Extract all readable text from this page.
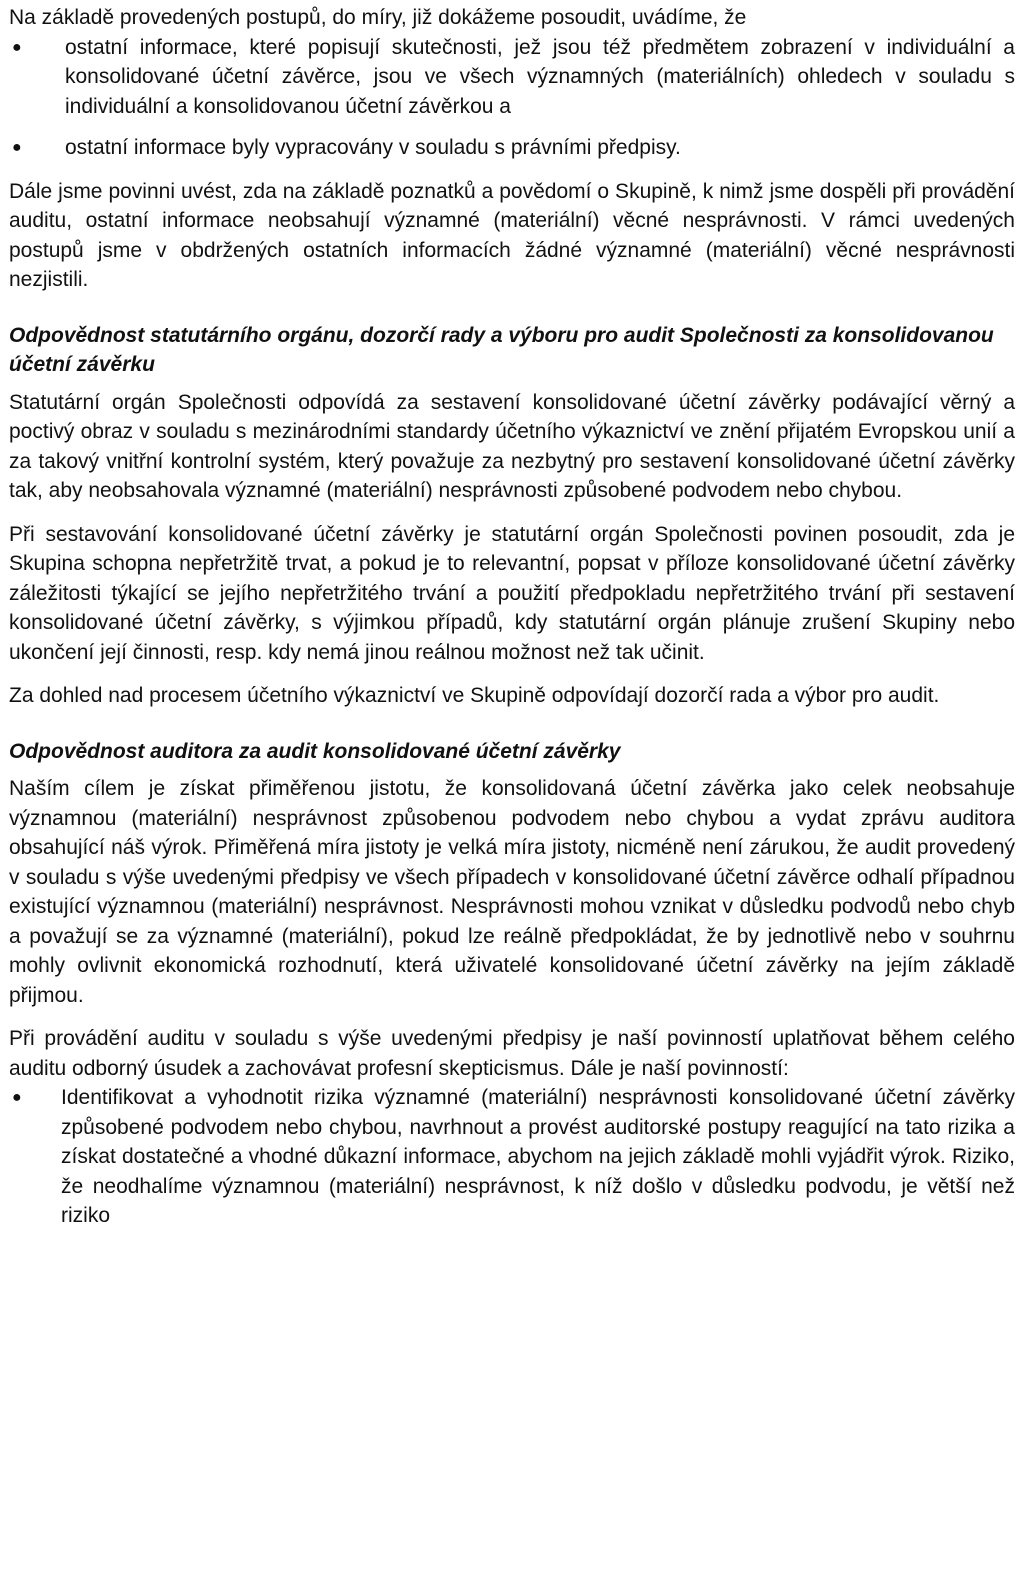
Na základě provedených postupů, do míry, již dokážeme posoudit, uvádíme, že

● ostatní informace, které popisují skutečnosti, jež jsou též předmětem zobrazení v individuální a konsolidované účetní závěrce, jsou ve všech významných (materiálních) ohledech v souladu s individuální a konsolidovanou účetní závěrkou a
● ostatní informace byly vypracovány v souladu s právními předpisy.

Dále jsme povinni uvést, zda na základě poznatků a povědomí o Skupině, k nimž jsme dospěli při provádění auditu, ostatní informace neobsahují významné (materiální) věcné nesprávnosti. V rámci uvedených postupů jsme v obdržených ostatních informacích žádné významné (materiální) věcné nesprávnosti nezjistili.

Odpovědnost statutárního orgánu, dozorčí rady a výboru pro audit Společnosti za konsolidovanou účetní závěrku

Statutární orgán Společnosti odpovídá za sestavení konsolidované účetní závěrky podávající věrný a poctivý obraz v souladu s mezinárodními standardy účetního výkaznictví ve znění přijatém Evropskou unií a za takový vnitřní kontrolní systém, který považuje za nezbytný pro sestavení konsolidované účetní závěrky tak, aby neobsahovala významné (materiální) nesprávnosti způsobené podvodem nebo chybou.

Při sestavování konsolidované účetní závěrky je statutární orgán Společnosti povinen posoudit, zda je Skupina schopna nepřetržitě trvat, a pokud je to relevantní, popsat v příloze konsolidované účetní závěrky záležitosti týkající se jejího nepřetržitého trvání a použití předpokladu nepřetržitého trvání při sestavení konsolidované účetní závěrky, s výjimkou případů, kdy statutární orgán plánuje zrušení Skupiny nebo ukončení její činnosti, resp. kdy nemá jinou reálnou možnost než tak učinit.

Za dohled nad procesem účetního výkaznictví ve Skupině odpovídají dozorčí rada a výbor pro audit.

Odpovědnost auditora za audit konsolidované účetní závěrky

Naším cílem je získat přiměřenou jistotu, že konsolidovaná účetní závěrka jako celek neobsahuje významnou (materiální) nesprávnost způsobenou podvodem nebo chybou a vydat zprávu auditora obsahující náš výrok. Přiměřená míra jistoty je velká míra jistoty, nicméně není zárukou, že audit provedený v souladu s výše uvedenými předpisy ve všech případech v konsolidované účetní závěrce odhalí případnou existující významnou (materiální) nesprávnost. Nesprávnosti mohou vznikat v důsledku podvodů nebo chyb a považují se za významné (materiální), pokud lze reálně předpokládat, že by jednotlivě nebo v souhrnu mohly ovlivnit ekonomická rozhodnutí, která uživatelé konsolidované účetní závěrky na jejím základě přijmou.

Při provádění auditu v souladu s výše uvedenými předpisy je naší povinností uplatňovat během celého auditu odborný úsudek a zachovávat profesní skepticismus. Dále je naší povinností:

● Identifikovat a vyhodnotit rizika významné (materiální) nesprávnosti konsolidované účetní závěrky způsobené podvodem nebo chybou, navrhnout a provést auditorské postupy reagující na tato rizika a získat dostatečné a vhodné důkazní informace, abychom na jejich základě mohli vyjádřit výrok. Riziko, že neodhalíme významnou (materiální) nesprávnost, k níž došlo v důsledku podvodu, je větší než riziko
